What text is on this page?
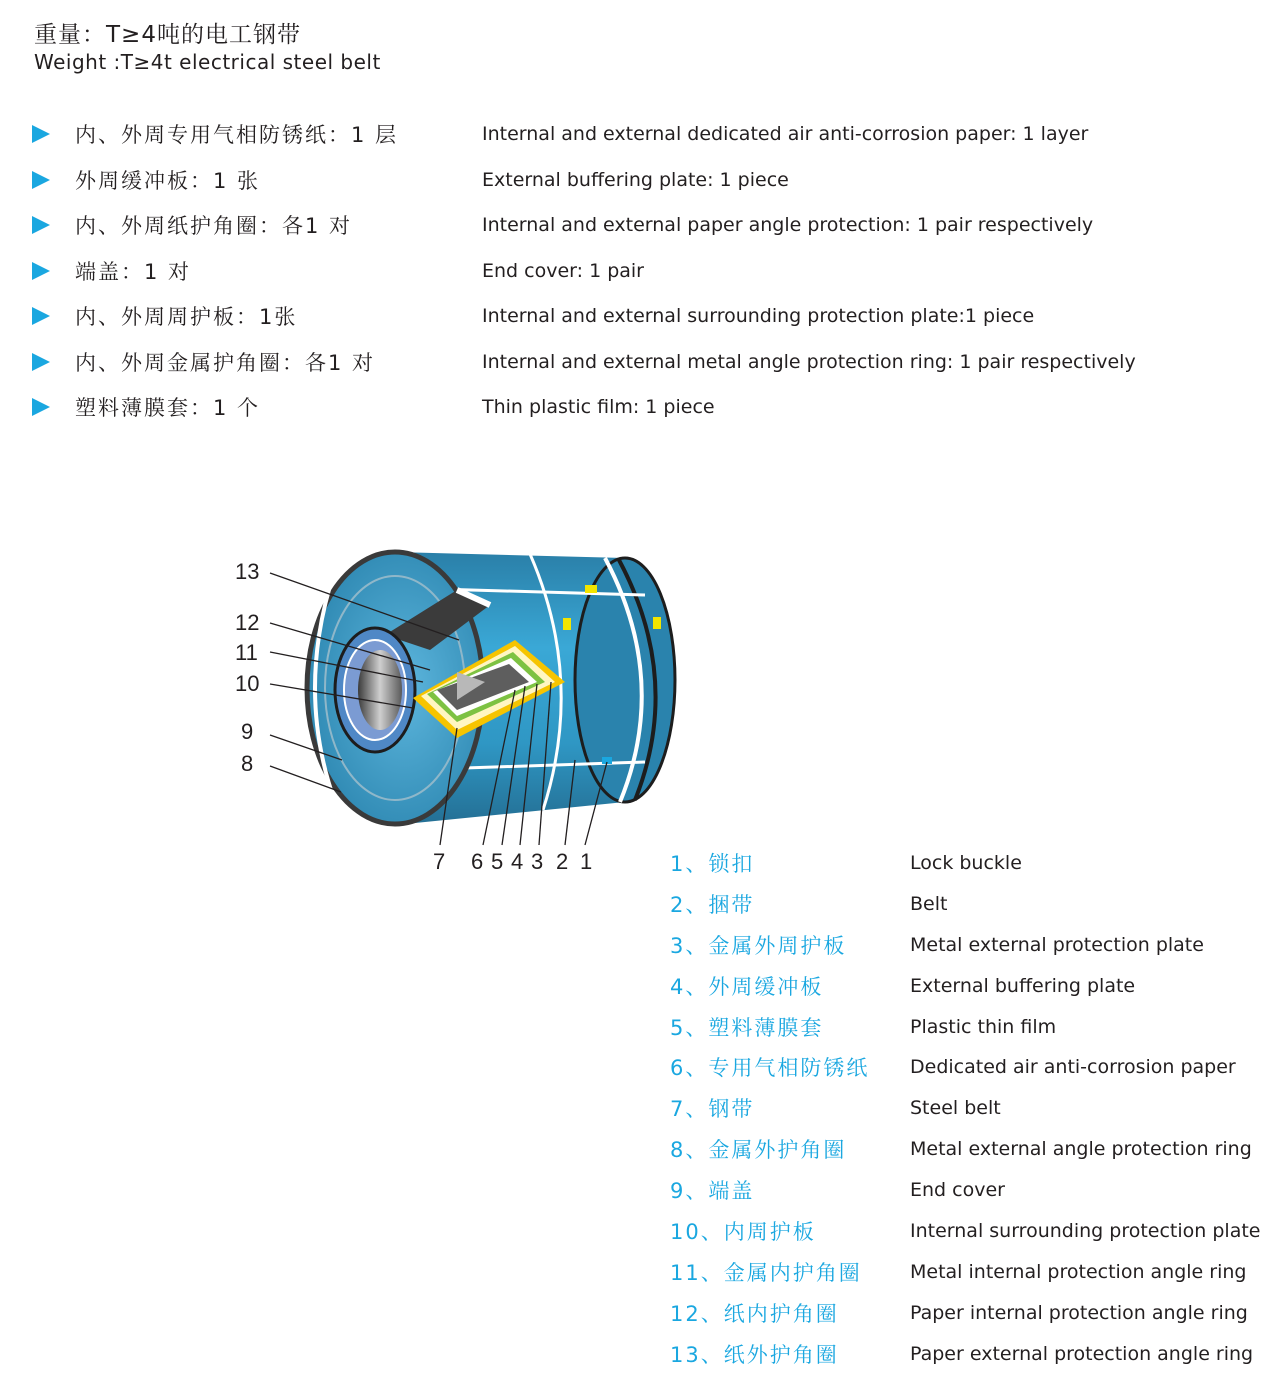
重量：T≥4吨的电工钢带
Weight :T≥4t electrical steel belt
内、外周专用气相防锈纸：1 层	Internal and external dedicated air anti-corrosion paper: 1 layer
外周缓冲板：1 张	External buffering plate: 1 piece
内、外周纸护角圈：各1 对	Internal and external paper angle protection: 1 pair respectively
端盖：1 对	End cover: 1 pair
内、外周周护板：1张	Internal and external surrounding protection plate:1 piece
内、外周金属护角圈：各1 对	Internal and external metal angle protection ring: 1 pair respectively
塑料薄膜套：1 个	Thin plastic film: 1 piece
13
12
11
10
9
8
7 6 5 4 3 2 1	1、锁扣	Lock buckle
2、捆带	Belt
3、金属外周护板	Metal external protection plate
4、外周缓冲板	External buffering plate
5、塑料薄膜套	Plastic thin film
6、专用气相防锈纸 Dedicated air anti-corrosion paper
7、钢带	Steel belt
8、金属外护角圈	Metal external angle protection ring
9、端盖	End cover
10、内周护板	Internal surrounding protection plate
11、金属内护角圈	Metal internal protection angle ring
12、纸内护角圈	Paper internal protection angle ring
13、纸外护角圈	Paper external protection angle ring
